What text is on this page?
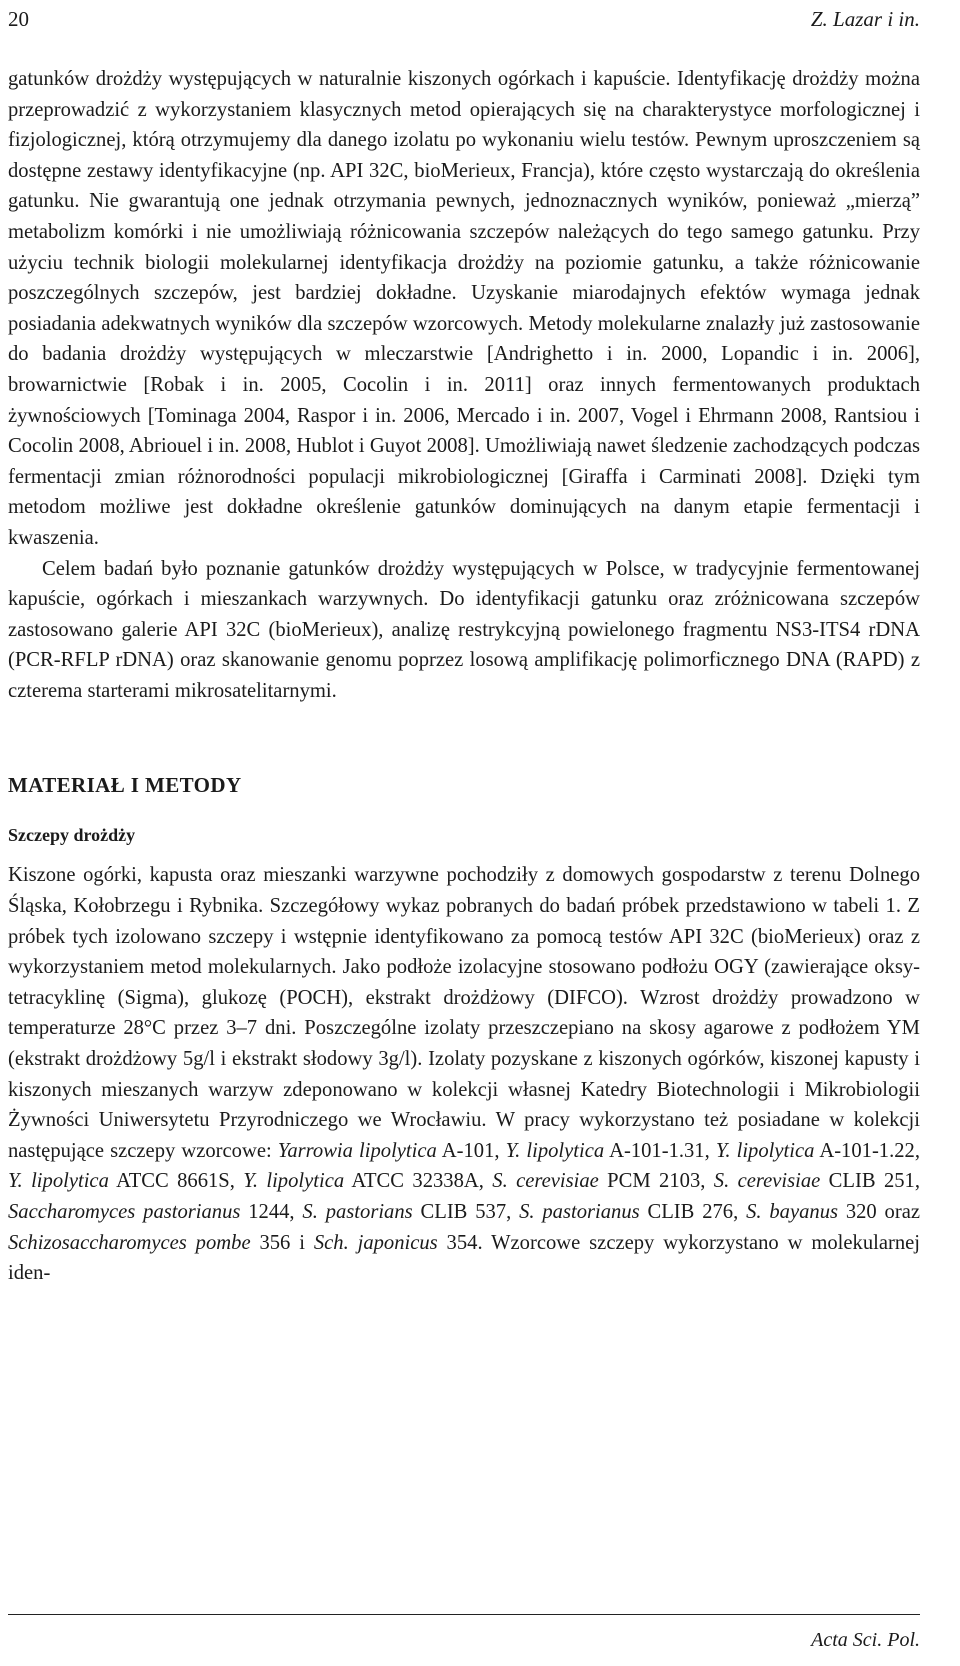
20	Z. Lazar i in.

gatunków drożdży występujących w naturalnie kiszonych ogórkach i kapuście. Identyfikację drożdży można przeprowadzić z wykorzystaniem klasycznych metod opierających się na charakterystyce morfologicznej i fizjologicznej, którą otrzymujemy dla danego izolatu po wykonaniu wielu testów. Pewnym uproszczeniem są dostępne zestawy identyfikacyjne (np. API 32C, bioMerieux, Francja), które często wystarczają do określenia gatunku. Nie gwarantują one jednak otrzymania pewnych, jednoznacznych wyników, ponieważ „mierzą” metabolizm komórki i nie umożliwiają różnicowania szczepów należących do tego samego gatunku. Przy użyciu technik biologii molekularnej identyfikacja drożdży na poziomie gatunku, a także różnicowanie poszczególnych szczepów, jest bardziej dokładne. Uzyskanie miarodajnych efektów wymaga jednak posiadania adekwatnych wyników dla szczepów wzorcowych. Metody molekularne znalazły już zastosowanie do badania drożdży występujących w mleczarstwie [Andrighetto i in. 2000, Lopandic i in. 2006], browarnictwie [Robak i in. 2005, Cocolin i in. 2011] oraz innych fermentowanych produktach żywnościowych [Tominaga 2004, Raspor i in. 2006, Mercado i in. 2007, Vogel i Ehrmann 2008, Rantsiou i Cocolin 2008, Abriouel i in. 2008, Hublot i Guyot 2008]. Umożliwiają nawet śledzenie zachodzących podczas fermentacji zmian różnorodności populacji mikrobiologicznej [Giraffa i Carminati 2008]. Dzięki tym metodom możliwe jest dokładne określenie gatunków dominujących na danym etapie fermentacji i kwaszenia.

Celem badań było poznanie gatunków drożdży występujących w Polsce, w tradycyjnie fermentowanej kapuście, ogórkach i mieszankach warzywnych. Do identyfikacji gatunku oraz zróżnicowana szczepów zastosowano galerie API 32C (bioMerieux), analizę restrykcyjną powielonego fragmentu NS3-ITS4 rDNA (PCR-RFLP rDNA) oraz skanowanie genomu poprzez losową amplifikację polimorficznego DNA (RAPD) z czterema starterami mikrosatelitarnymi.

MATERIAŁ I METODY
Szczepy drożdży

Kiszone ogórki, kapusta oraz mieszanki warzywne pochodziły z domowych gospodarstw z terenu Dolnego Śląska, Kołobrzegu i Rybnika. Szczegółowy wykaz pobranych do badań próbek przedstawiono w tabeli 1. Z próbek tych izolowano szczepy i wstępnie identyfikowano za pomocą testów API 32C (bioMerieux) oraz z wykorzystaniem metod molekularnych. Jako podłoże izolacyjne stosowano podłożu OGY (zawierające oksytetracyklinę (Sigma), glukozę (POCH), ekstrakt drożdżowy (DIFCO). Wzrost drożdży prowadzono w temperaturze 28°C przez 3–7 dni. Poszczególne izolaty przeszczepiano na skosy agarowe z podłożem YM (ekstrakt drożdżowy 5g/l i ekstrakt słodowy 3g/l). Izolaty pozyskane z kiszonych ogórków, kiszonej kapusty i kiszonych mieszanych warzyw zdeponowano w kolekcji własnej Katedry Biotechnologii i Mikrobiologii Żywności Uniwersytetu Przyrodniczego we Wrocławiu. W pracy wykorzystano też posiadane w kolekcji następujące szczepy wzorcowe: Yarrowia lipolytica A-101, Y. lipolytica A-101-1.31, Y. lipolytica A-101-1.22, Y. lipolytica ATCC 8661S, Y. lipolytica ATCC 32338A, S. cerevisiae PCM 2103, S. cerevisiae CLIB 251, Saccharomyces pastorianus 1244, S. pastorians CLIB 537, S. pastorianus CLIB 276, S. bayanus 320 oraz Schizosaccharomyces pombe 356 i Sch. japonicus 354. Wzorcowe szczepy wykorzystano w molekularnej iden-

Acta Sci. Pol.
